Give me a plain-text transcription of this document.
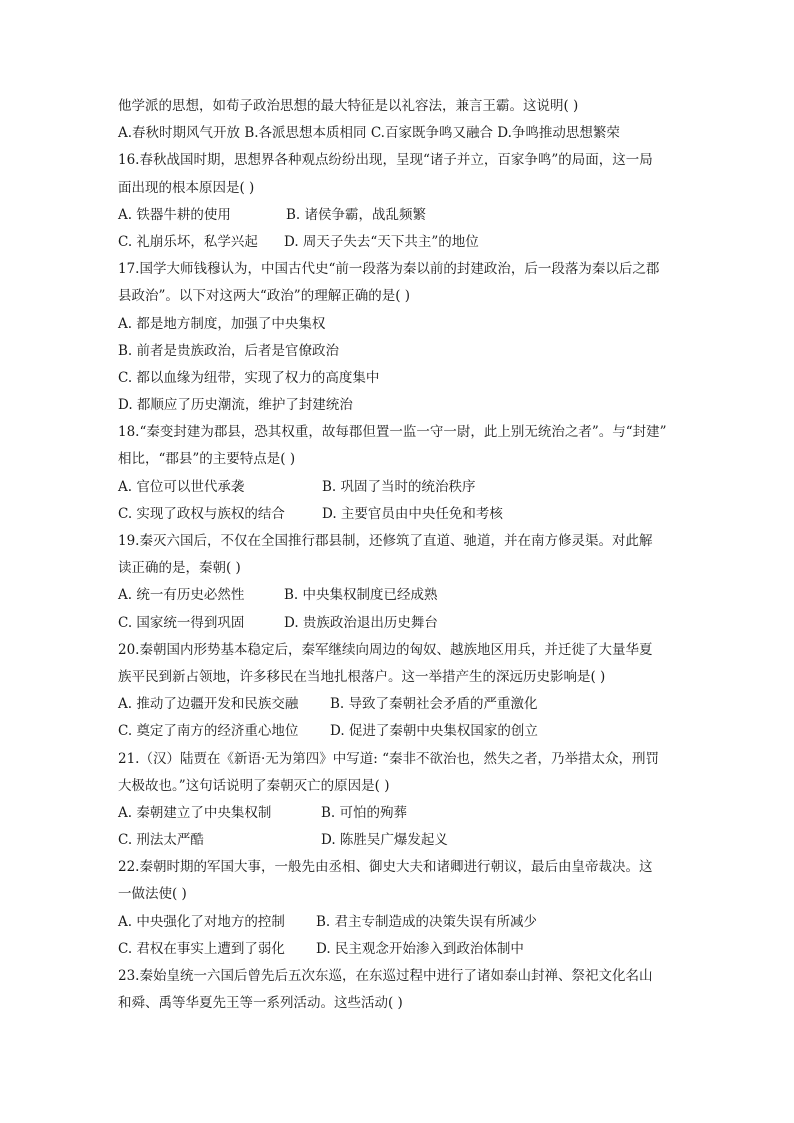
他学派的思想，如荀子政治思想的最大特征是以礼容法，兼言王霸。这说明( )
A.春秋时期风气开放 B.各派思想本质相同 C.百家既争鸣又融合 D.争鸣推动思想繁荣
16.春秋战国时期，思想界各种观点纷纷出现，呈现“诸子并立，百家争鸣”的局面，这一局
面出现的根本原因是( )
A. 铁器牛耕的使用	B. 诸侯争霸，战乱频繁
C. 礼崩乐坏，私学兴起	D. 周天子失去“天下共主”的地位
17.国学大师钱穆认为，中国古代史“前一段落为秦以前的封建政治，后一段落为秦以后之郡
县政治”。以下对这两大“政治”的理解正确的是( )
A. 都是地方制度，加强了中央集权
B. 前者是贵族政治，后者是官僚政治
C. 都以血缘为纽带，实现了权力的高度集中
D. 都顺应了历史潮流，维护了封建统治
18.“秦变封建为郡县，恐其权重，故每郡但置一监一守一尉，此上别无统治之者”。与“封建”
相比，“郡县”的主要特点是( )
A. 官位可以世代承袭	B. 巩固了当时的统治秩序
C. 实现了政权与族权的结合	D. 主要官员由中央任免和考核
19.秦灭六国后，不仅在全国推行郡县制，还修筑了直道、驰道，并在南方修灵渠。对此解
读正确的是，秦朝( )
A. 统一有历史必然性	B. 中央集权制度已经成熟
C. 国家统一得到巩固	D. 贵族政治退出历史舞台
20.秦朝国内形势基本稳定后，秦军继续向周边的匈奴、越族地区用兵，并迁徙了大量华夏
族平民到新占领地，许多移民在当地扎根落户。这一举措产生的深远历史影响是( )
A. 推动了边疆开发和民族交融	B. 导致了秦朝社会矛盾的严重激化
C. 奠定了南方的经济重心地位	D. 促进了秦朝中央集权国家的创立
21.（汉）陆贾在《新语·无为第四》中写道: “秦非不欲治也，然失之者，乃举措太众，刑罚
大极故也。”这句话说明了秦朝灭亡的原因是( )
A. 秦朝建立了中央集权制	B. 可怕的殉葬
C. 刑法太严酷	D. 陈胜吴广爆发起义
22.秦朝时期的军国大事，一般先由丞相、御史大夫和诸卿进行朝议，最后由皇帝裁决。这
一做法使( )
A. 中央强化了对地方的控制	B. 君主专制造成的决策失误有所减少
C. 君权在事实上遭到了弱化	D. 民主观念开始渗入到政治体制中
23.秦始皇统一六国后曾先后五次东巡，在东巡过程中进行了诸如泰山封禅、祭祀文化名山
和舜、禹等华夏先王等一系列活动。这些活动( )
